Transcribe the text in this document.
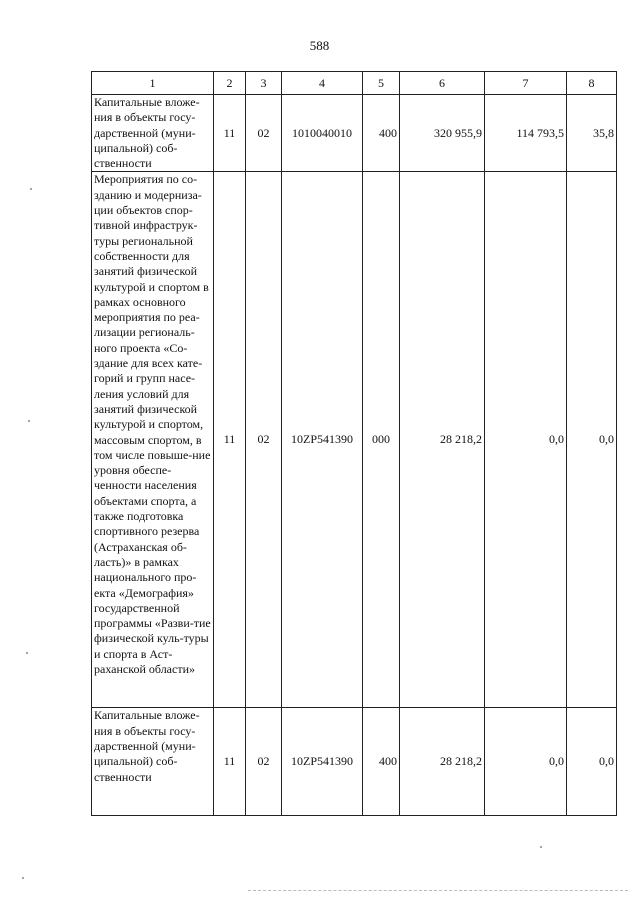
588
1	2	3	4	5	6	7	8
Капитальные вложе-ния в объекты госу-дарственной (муни-ципальной) соб-ственности	11	02	1010040010	400	320 955,9	114 793,5	35,8
Мероприятия по со-зданию и модерниза-ции объектов спор-тивной инфраструк-туры региональной собственности для занятий физической культурой и спортом в рамках основного мероприятия по реа-лизации региональ-ного проекта «Со-здание для всех кате-горий и групп насе-ления условий для занятий физической культурой и спортом, массовым спортом, в том числе повыше-ние уровня обеспе-ченности населения объектами спорта, а также подготовка спортивного резерва (Астраханская об-ласть)» в рамках национального про-екта «Демография» государственной программы «Разви-тие физической куль-туры и спорта в Аст-раханской области»	11	02	10ZP541390	000	28 218,2	0,0	0,0
Капитальные вложе-ния в объекты госу-дарственной (муни-ципальной) соб-ственности	11	02	10ZP541390	400	28 218,2	0,0	0,0
